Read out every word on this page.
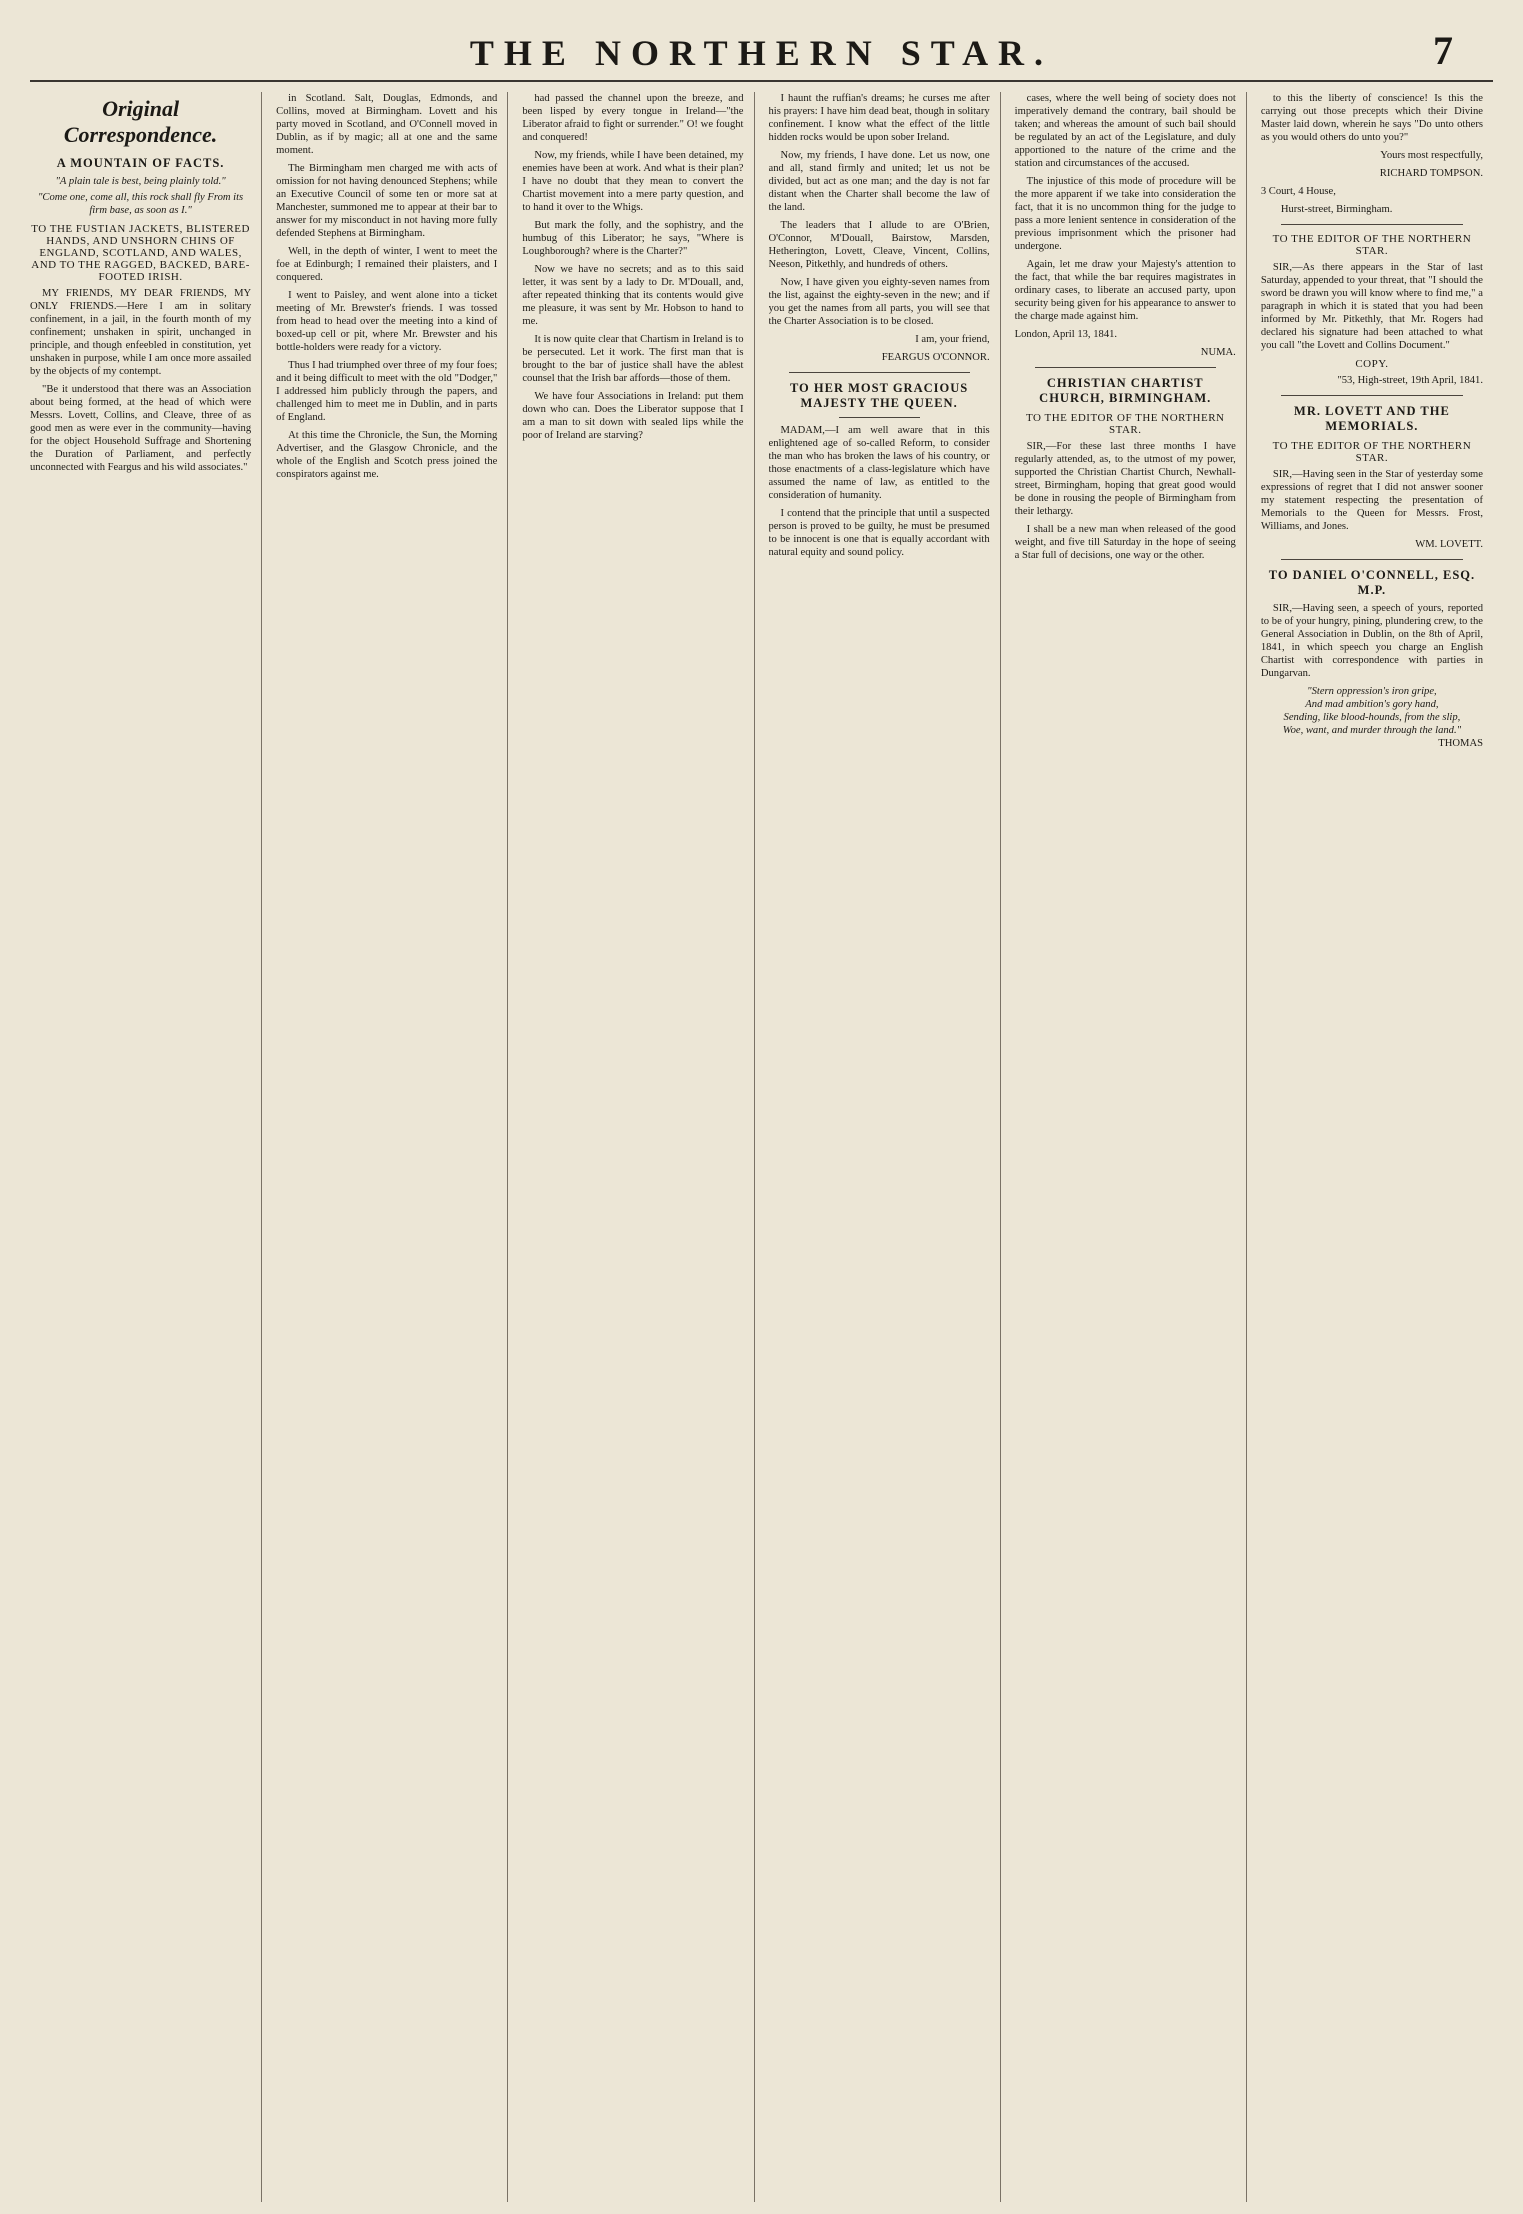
THE NORTHERN STAR.	7
Original Correspondence.
A MOUNTAIN OF FACTS.

"A plain tale is best, being plainly told."

"Come one, come all, this rock shall fly From its firm base, as soon as I."

TO THE FUSTIAN JACKETS, BLISTERED HANDS, AND UNSHORN CHINS OF ENGLAND, SCOTLAND, AND WALES, AND TO THE RAGGED, BACKED, BARE-FOOTED IRISH.

MY FRIENDS, MY DEAR FRIENDS, MY ONLY FRIENDS.—Here I am in solitary confinement, in a jail, in the fourth month of my confinement; unshaken in spirit, unchanged in principle, and though enfeebled in constitution, yet unshaken in purpose, while I am once more assailed by the objects of my contempt.

"Be it understood that there was an Association about being formed, at the head of which were Messrs. Lovett, Collins, and Cleave, three of as good men as were ever in the community—having for the object Household Suffrage and Shortening the Duration of Parliament, and perfectly unconnected with Feargus and his wild associates."

in Scotland. Salt, Douglas, Edmonds, and Collins, moved at Birmingham. Lovett and his party moved in Scotland, and O'Connell moved in Dublin, as if by magic; all at one and the same moment.

The Birmingham men charged me with acts of omission for not having denounced Stephens; while an Executive Council of some ten or more sat at Manchester, summoned me to appear at their bar to answer for my misconduct in not having more fully defended Stephens at Birmingham.

Well, in the depth of winter, I went to meet the foe at Edinburgh; I remained their plaisters, and I conquered.

I went to Paisley, and went alone into a ticket meeting of Mr. Brewster's friends. I was tossed from head to head over the meeting into a kind of boxed-up cell or pit, where Mr. Brewster and his bottle-holders were ready for a victory.

Thus I had triumphed over three of my four foes; and it being difficult to meet with the old "Dodger," I addressed him publicly through the papers, and challenged him to meet me in Dublin, and in parts of England.

At this time the Chronicle, the Sun, the Morning Advertiser, and the Glasgow Chronicle, and the whole of the English and Scotch press joined the conspirators against me.

had passed the channel upon the breeze, and been lisped by every tongue in Ireland—"the Liberator afraid to fight or surrender." O! we fought and conquered!

Now, my friends, while I have been detained, my enemies have been at work. And what is their plan? I have no doubt that they mean to convert the Chartist movement into a mere party question, and to hand it over to the Whigs.

But mark the folly, and the sophistry, and the humbug of this Liberator; he says, "Where is Loughborough? where is the Charter?"

Now we have no secrets; and as to this said letter, it was sent by a lady to Dr. M'Douall, and, after repeated thinking that its contents would give me pleasure, it was sent by Mr. Hobson to hand to me.

It is now quite clear that Chartism in Ireland is to be persecuted. Let it work. The first man that is brought to the bar of justice shall have the ablest counsel that the Irish bar affords—those of them.

We have four Associations in Ireland: put them down who can. Does the Liberator suppose that I am a man to sit down with sealed lips while the poor of Ireland are starving?

I haunt the ruffian's dreams; he curses me after his prayers: I have him dead beat, though in solitary confinement. I know what the effect of the little hidden rocks would be upon sober Ireland.

Now, my friends, I have done. Let us now, one and all, stand firmly and united; let us not be divided, but act as one man; and the day is not far distant when the Charter shall become the law of the land.

The leaders that I allude to are O'Brien, O'Connor, M'Douall, Bairstow, Marsden, Hetherington, Lovett, Cleave, Vincent, Collins, Neeson, Pitkethly, and hundreds of others.

Now, I have given you eighty-seven names from the list, against the eighty-seven in the new; and if you get the names from all parts, you will see that the Charter Association is to be closed.

I am, your friend,

FEARGUS O'CONNOR.

TO HER MOST GRACIOUS MAJESTY THE QUEEN.

MADAM,—I am well aware that in this enlightened age of so-called Reform, to consider the man who has broken the laws of his country, or those enactments of a class-legislature which have assumed the name of law, as entitled to the consideration of humanity.

I contend that the principle that until a suspected person is proved to be guilty, he must be presumed to be innocent is one that is equally accordant with natural equity and sound policy.

cases, where the well being of society does not imperatively demand the contrary, bail should be taken; and whereas the amount of such bail should be regulated by an act of the Legislature, and duly apportioned to the nature of the crime and the station and circumstances of the accused.

The injustice of this mode of procedure will be the more apparent if we take into consideration the fact, that it is no uncommon thing for the judge to pass a more lenient sentence in consideration of the previous imprisonment which the prisoner had undergone.

Again, let me draw your Majesty's attention to the fact, that while the bar requires magistrates in ordinary cases, to liberate an accused party, upon security being given for his appearance to answer to the charge made against him.

London, April 13, 1841.

NUMA.

CHRISTIAN CHARTIST CHURCH, BIRMINGHAM.
TO THE EDITOR OF THE NORTHERN STAR.

SIR,—For these last three months I have regularly attended, as, to the utmost of my power, supported the Christian Chartist Church, Newhall-street, Birmingham, hoping that great good would be done in rousing the people of Birmingham from their lethargy.

I shall be a new man when released of the good weight, and five till Saturday in the hope of seeing a Star full of decisions, one way or the other.

to this the liberty of conscience! Is this the carrying out those precepts which their Divine Master laid down, wherein he says "Do unto others as you would others do unto you?"

Yours most respectfully,

RICHARD TOMPSON.

3 Court, 4 House,

Hurst-street, Birmingham.

TO THE EDITOR OF THE NORTHERN STAR.

SIR,—As there appears in the Star of last Saturday, appended to your threat, that "I should the sword be drawn you will know where to find me," a paragraph in which it is stated that you had been informed by Mr. Pitkethly, that Mr. Rogers had declared his signature had been attached to what you call "the Lovett and Collins Document."

COPY.

"53, High-street, 19th April, 1841.

MR. LOVETT AND THE MEMORIALS.
TO THE EDITOR OF THE NORTHERN STAR.

SIR,—Having seen in the Star of yesterday some expressions of regret that I did not answer sooner my statement respecting the presentation of Memorials to the Queen for Messrs. Frost, Williams, and Jones.

WM. LOVETT.

TO DANIEL O'CONNELL, ESQ. M.P.

SIR,—Having seen, a speech of yours, reported to be of your hungry, pining, plundering crew, to the General Association in Dublin, on the 8th of April, 1841, in which speech you charge an English Chartist with correspondence with parties in Dungarvan.

"Stern oppression's iron gripe,

And mad ambition's gory hand,

Sending, like blood-hounds, from the slip,

Woe, want, and murder through the land."

THOMAS
